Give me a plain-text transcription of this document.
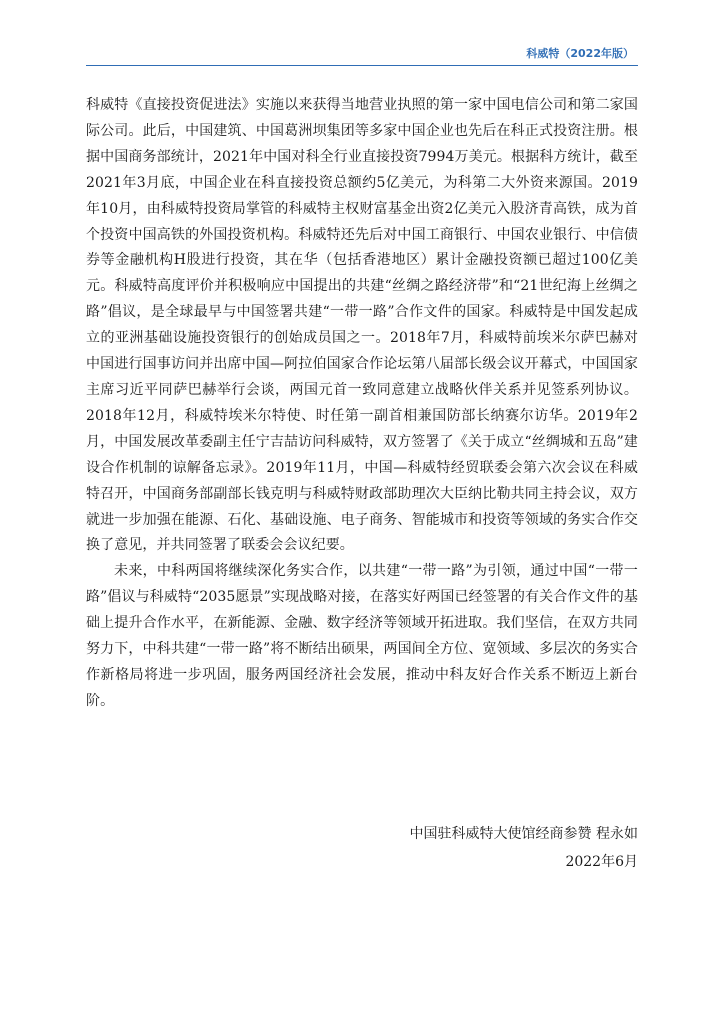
科威特（2022年版）

科威特《直接投资促进法》实施以来获得当地营业执照的第一家中国电信公司和第二家国际公司。此后，中国建筑、中国葛洲坝集团等多家中国企业也先后在科正式投资注册。根据中国商务部统计，2021年中国对科全行业直接投资7994万美元。根据科方统计，截至2021年3月底，中国企业在科直接投资总额约5亿美元，为科第二大外资来源国。2019年10月，由科威特投资局掌管的科威特主权财富基金出资2亿美元入股济青高铁，成为首个投资中国高铁的外国投资机构。科威特还先后对中国工商银行、中国农业银行、中信债券等金融机构H股进行投资，其在华（包括香港地区）累计金融投资额已超过100亿美元。科威特高度评价并积极响应中国提出的共建“丝绸之路经济带”和“21世纪海上丝绸之路”倡议，是全球最早与中国签署共建“一带一路”合作文件的国家。科威特是中国发起成立的亚洲基础设施投资银行的创始成员国之一。2018年7月，科威特前埃米尔萨巴赫对中国进行国事访问并出席中国—阿拉伯国家合作论坛第八届部长级会议开幕式，中国国家主席习近平同萨巴赫举行会谈，两国元首一致同意建立战略伙伴关系并见签系列协议。2018年12月，科威特埃米尔特使、时任第一副首相兼国防部长纳赛尔访华。2019年2月，中国发展改革委副主任宁吉喆访问科威特，双方签署了《关于成立“丝绸城和五岛”建设合作机制的谅解备忘录》。2019年11月，中国—科威特经贸联委会第六次会议在科威特召开，中国商务部副部长钱克明与科威特财政部助理次大臣纳比勒共同主持会议，双方就进一步加强在能源、石化、基础设施、电子商务、智能城市和投资等领域的务实合作交换了意见，并共同签署了联委会会议纪要。

未来，中科两国将继续深化务实合作，以共建“一带一路”为引领，通过中国“一带一路”倡议与科威特“2035愿景”实现战略对接，在落实好两国已经签署的有关合作文件的基础上提升合作水平，在新能源、金融、数字经济等领域开拓进取。我们坚信，在双方共同努力下，中科共建“一带一路”将不断结出硕果，两国间全方位、宽领域、多层次的务实合作新格局将进一步巩固，服务两国经济社会发展，推动中科友好合作关系不断迈上新台阶。

中国驻科威特大使馆经商参赞 程永如
2022年6月
